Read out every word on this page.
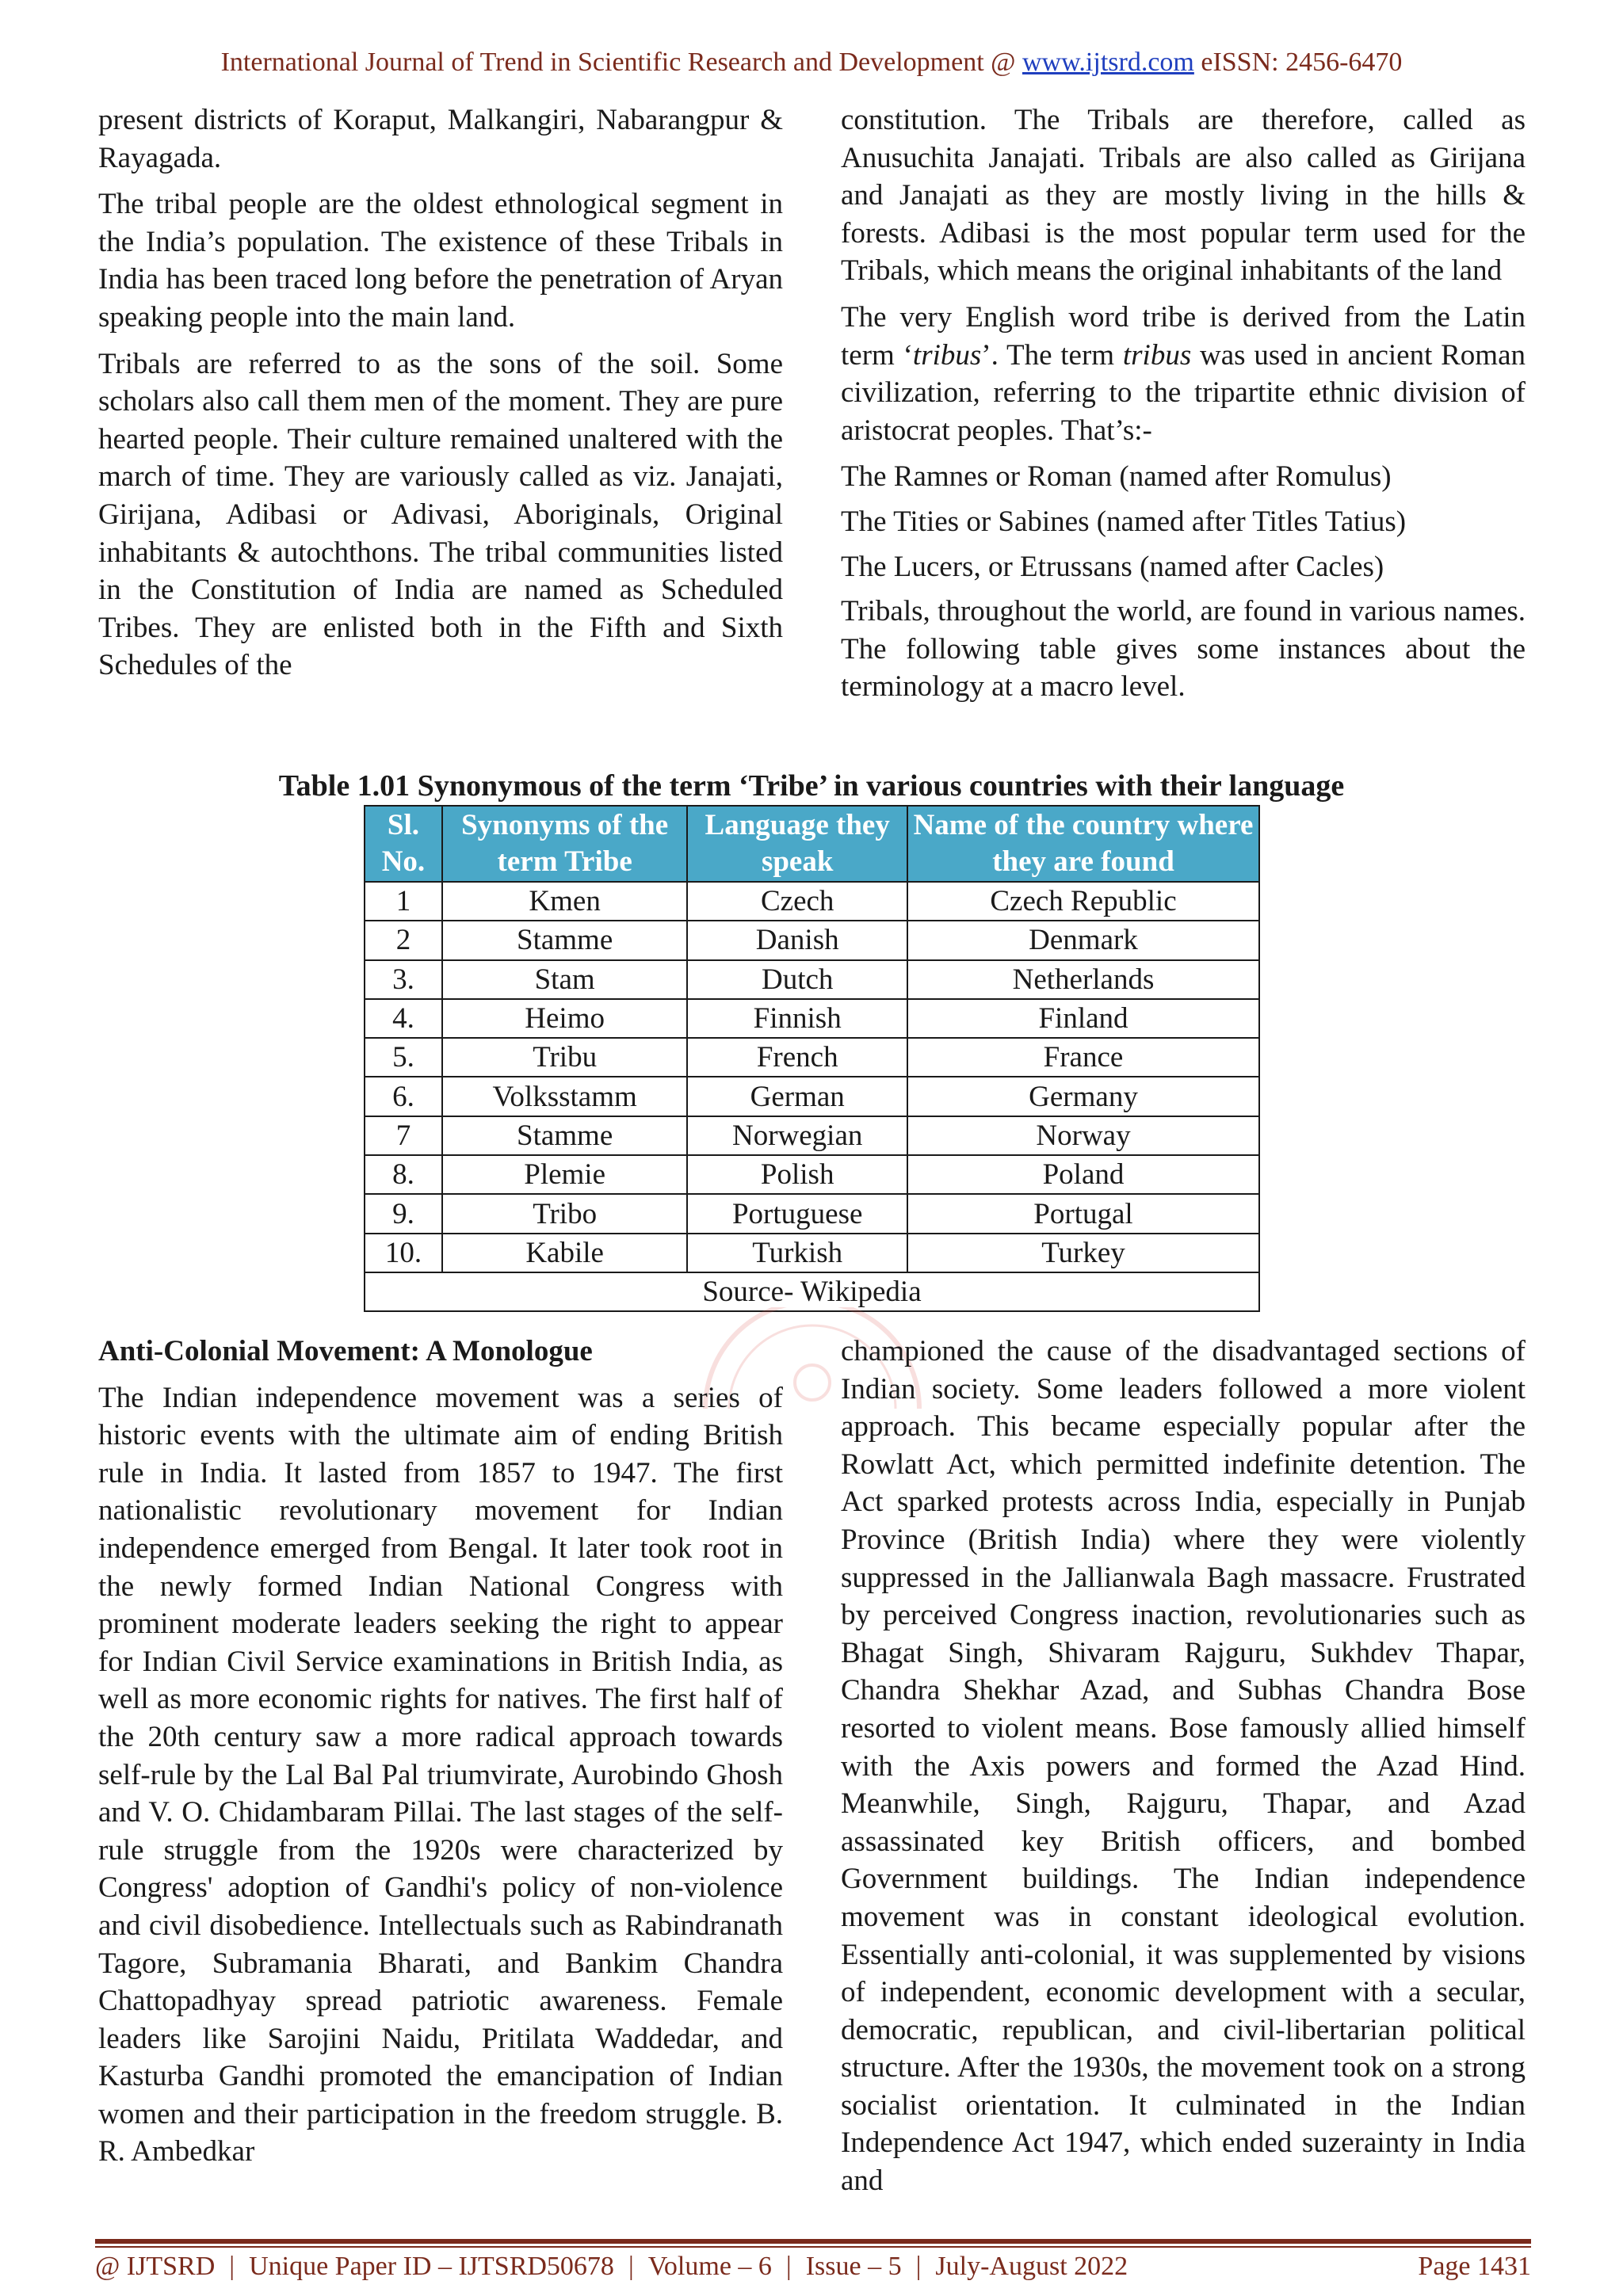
International Journal of Trend in Scientific Research and Development @ www.ijtsrd.com eISSN: 2456-6470

present districts of Koraput, Malkangiri, Nabarangpur & Rayagada.

The tribal people are the oldest ethnological segment in the India’s population. The existence of these Tribals in India has been traced long before the penetration of Aryan speaking people into the main land.

Tribals are referred to as the sons of the soil. Some scholars also call them men of the moment. They are pure hearted people. Their culture remained unaltered with the march of time. They are variously called as viz. Janajati, Girijana, Adibasi or Adivasi, Aboriginals, Original inhabitants & autochthons. The tribal communities listed in the Constitution of India are named as Scheduled Tribes. They are enlisted both in the Fifth and Sixth Schedules of the

constitution. The Tribals are therefore, called as Anusuchita Janajati. Tribals are also called as Girijana and Janajati as they are mostly living in the hills & forests. Adibasi is the most popular term used for the Tribals, which means the original inhabitants of the land

The very English word tribe is derived from the Latin term ‘tribus’. The term tribus was used in ancient Roman civilization, referring to the tripartite ethnic division of aristocrat peoples. That’s:-

The Ramnes or Roman (named after Romulus)

The Tities or Sabines (named after Titles Tatius)

The Lucers, or Etrussans (named after Cacles)

Tribals, throughout the world, are found in various names. The following table gives some instances about the terminology at a macro level.

Table 1.01 Synonymous of the term ‘Tribe’ in various countries with their language
Sl. No.	Synonyms of the term Tribe	Language they speak	Name of the country where they are found
1	Kmen	Czech	Czech Republic
2	Stamme	Danish	Denmark
3.	Stam	Dutch	Netherlands
4.	Heimo	Finnish	Finland
5.	Tribu	French	France
6.	Volksstamm	German	Germany
7	Stamme	Norwegian	Norway
8.	Plemie	Polish	Poland
9.	Tribo	Portuguese	Portugal
10.	Kabile	Turkish	Turkey
Source- Wikipedia			

Anti-Colonial Movement: A Monologue

The Indian independence movement was a series of historic events with the ultimate aim of ending British rule in India. It lasted from 1857 to 1947. The first nationalistic revolutionary movement for Indian independence emerged from Bengal. It later took root in the newly formed Indian National Congress with prominent moderate leaders seeking the right to appear for Indian Civil Service examinations in British India, as well as more economic rights for natives. The first half of the 20th century saw a more radical approach towards self-rule by the Lal Bal Pal triumvirate, Aurobindo Ghosh and V. O. Chidambaram Pillai. The last stages of the self-rule struggle from the 1920s were characterized by Congress' adoption of Gandhi's policy of non-violence and civil disobedience. Intellectuals such as Rabindranath Tagore, Subramania Bharati, and Bankim Chandra Chattopadhyay spread patriotic awareness. Female leaders like Sarojini Naidu, Pritilata Waddedar, and Kasturba Gandhi promoted the emancipation of Indian women and their participation in the freedom struggle. B. R. Ambedkar

championed the cause of the disadvantaged sections of Indian society. Some leaders followed a more violent approach. This became especially popular after the Rowlatt Act, which permitted indefinite detention. The Act sparked protests across India, especially in Punjab Province (British India) where they were violently suppressed in the Jallianwala Bagh massacre. Frustrated by perceived Congress inaction, revolutionaries such as Bhagat Singh, Shivaram Rajguru, Sukhdev Thapar, Chandra Shekhar Azad, and Subhas Chandra Bose resorted to violent means. Bose famously allied himself with the Axis powers and formed the Azad Hind. Meanwhile, Singh, Rajguru, Thapar, and Azad assassinated key British officers, and bombed Government buildings. The Indian independence movement was in constant ideological evolution. Essentially anti-colonial, it was supplemented by visions of independent, economic development with a secular, democratic, republican, and civil-libertarian political structure. After the 1930s, the movement took on a strong socialist orientation. It culminated in the Indian Independence Act 1947, which ended suzerainty in India and

@ IJTSRD | Unique Paper ID – IJTSRD50678 | Volume – 6 | Issue – 5 | July-August 2022	Page 1431
